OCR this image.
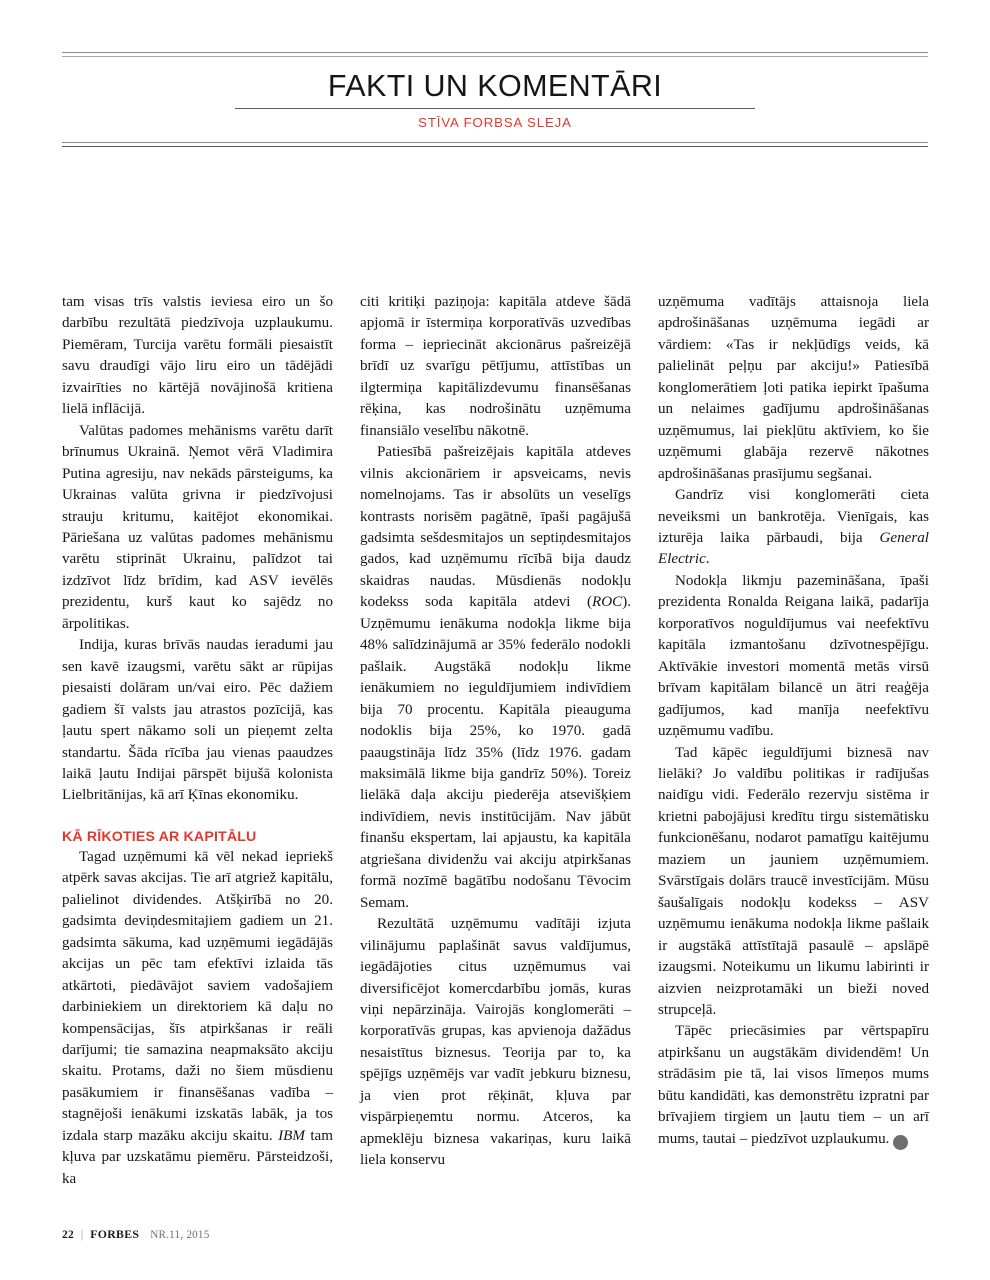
FAKTI UN KOMENTĀRI
STĪVA FORBSA SLEJA

tam visas trīs valstis ieviesa eiro un šo darbību rezultātā piedzīvoja uzplaukumu. Piemēram, Turcija varētu formāli piesaistīt savu draudīgi vājo liru eiro un tādējādi izvairīties no kārtējā novājinošā kritiena lielā inflācijā.

Valūtas padomes mehānisms varētu darīt brīnumus Ukrainā. Ņemot vērā Vladimira Putina agresiju, nav nekāds pārsteigums, ka Ukrainas valūta grivna ir piedzīvojusi strauju kritumu, kaitējot ekonomikai. Pāriešana uz valūtas padomes mehānismu varētu stiprināt Ukrainu, palīdzot tai izdzīvot līdz brīdim, kad ASV ievēlēs prezidentu, kurš kaut ko sajēdz no ārpolitikas.

Indija, kuras brīvās naudas ieradumi jau sen kavē izaugsmi, varētu sākt ar rūpijas piesaisti dolāram un/vai eiro. Pēc dažiem gadiem šī valsts jau atrastos pozīcijā, kas ļautu spert nākamo soli un pieņemt zelta standartu. Šāda rīcība jau vienas paaudzes laikā ļautu Indijai pārspēt bijušā kolonista Lielbritānijas, kā arī Ķīnas ekonomiku.

KĀ RĪKOTIES AR KAPITĀLU

Tagad uzņēmumi kā vēl nekad iepriekš atpērk savas akcijas. Tie arī atgriež kapitālu, palielinot dividendes. Atšķirībā no 20. gadsimta deviņdesmitajiem gadiem un 21. gadsimta sākuma, kad uzņēmumi iegādājās akcijas un pēc tam efektīvi izlaida tās atkārtoti, piedāvājot saviem vadošajiem darbiniekiem un direktoriem kā daļu no kompensācijas, šīs atpirkšanas ir reāli darījumi; tie samazina neapmaksāto akciju skaitu. Protams, daži no šiem mūsdienu pasākumiem ir finansēšanas vadība – stagnējoši ienākumi izskatās labāk, ja tos izdala starp mazāku akciju skaitu. IBM tam kļuva par uzskatāmu piemēru. Pārsteidzoši, ka

citi kritiķi paziņoja: kapitāla atdeve šādā apjomā ir īstermiņa korporatīvās uzvedības forma – iepriecināt akcionārus pašreizējā brīdī uz svarīgu pētījumu, attīstības un ilgtermiņa kapitālizdevumu finansēšanas rēķina, kas nodrošinātu uzņēmuma finansiālo veselību nākotnē.

Patiesībā pašreizējais kapitāla atdeves vilnis akcionāriem ir apsveicams, nevis nomelnojams. Tas ir absolūts un veselīgs kontrasts norisēm pagātnē, īpaši pagājušā gadsimta sešdesmitajos un septiņdesmitajos gados, kad uzņēmumu rīcībā bija daudz skaidras naudas. Mūsdienās nodokļu kodekss soda kapitāla atdevi (ROC). Uzņēmumu ienākuma nodokļa likme bija 48% salīdzinājumā ar 35% federālo nodokli pašlaik. Augstākā nodokļu likme ienākumiem no ieguldījumiem indivīdiem bija 70 procentu. Kapitāla pieauguma nodoklis bija 25%, ko 1970. gadā paaugstināja līdz 35% (līdz 1976. gadam maksimālā likme bija gandrīz 50%). Toreiz lielākā daļa akciju piederēja atsevišķiem indivīdiem, nevis institūcijām. Nav jābūt finanšu ekspertam, lai apjaustu, ka kapitāla atgriešana dividenžu vai akciju atpirkšanas formā nozīmē bagātību nodošanu Tēvocim Semam.

Rezultātā uzņēmumu vadītāji izjuta vilinājumu paplašināt savus valdījumus, iegādājoties citus uzņēmumus vai diversificējot komercdarbību jomās, kuras viņi nepārzināja. Vairojās konglomerāti – korporatīvās grupas, kas apvienoja dažādus nesaistītus biznesus. Teorija par to, ka spējīgs uzņēmējs var vadīt jebkuru biznesu, ja vien prot rēķināt, kļuva par vispārpieņemtu normu. Atceros, ka apmeklēju biznesa vakariņas, kuru laikā liela konservu

uzņēmuma vadītājs attaisnoja liela apdrošināšanas uzņēmuma iegādi ar vārdiem: «Tas ir nekļūdīgs veids, kā palielināt peļņu par akciju!» Patiesībā konglomerātiem ļoti patika iepirkt īpašuma un nelaimes gadījumu apdrošināšanas uzņēmumus, lai piekļūtu aktīviem, ko šie uzņēmumi glabāja rezervē nākotnes apdrošināšanas prasījumu segšanai.

Gandrīz visi konglomerāti cieta neveiksmi un bankrotēja. Vienīgais, kas izturēja laika pārbaudi, bija General Electric.

Nodokļa likmju pazemināšana, īpaši prezidenta Ronalda Reigana laikā, padarīja korporatīvos noguldījumus vai neefektīvu kapitāla izmantošanu dzīvotnespējīgu. Aktīvākie investori momentā metās virsū brīvam kapitālam bilancē un ātri reaģēja gadījumos, kad manīja neefektīvu uzņēmumu vadību.

Tad kāpēc ieguldījumi biznesā nav lielāki? Jo valdību politikas ir radījušas naidīgu vidi. Federālo rezervju sistēma ir krietni pabojājusi kredītu tirgu sistemātisku funkcionēšanu, nodarot pamatīgu kaitējumu maziem un jauniem uzņēmumiem. Svārstīgais dolārs traucē investīcijām. Mūsu šaušalīgais nodokļu kodekss – ASV uzņēmumu ienākuma nodokļa likme pašlaik ir augstākā attīstītajā pasaulē – apslāpē izaugsmi. Noteikumu un likumu labirinti ir aizvien neizprotamāki un bieži noved strupceļā.

Tāpēc priecāsimies par vērtspapīru atpirkšanu un augstākām dividendēm! Un strādāsim pie tā, lai visos līmeņos mums būtu kandidāti, kas demonstrētu izpratni par brīvajiem tirgiem un ļautu tiem – un arī mums, tautai – piedzīvot uzplaukumu. F

22 | FORBES NR.11, 2015
